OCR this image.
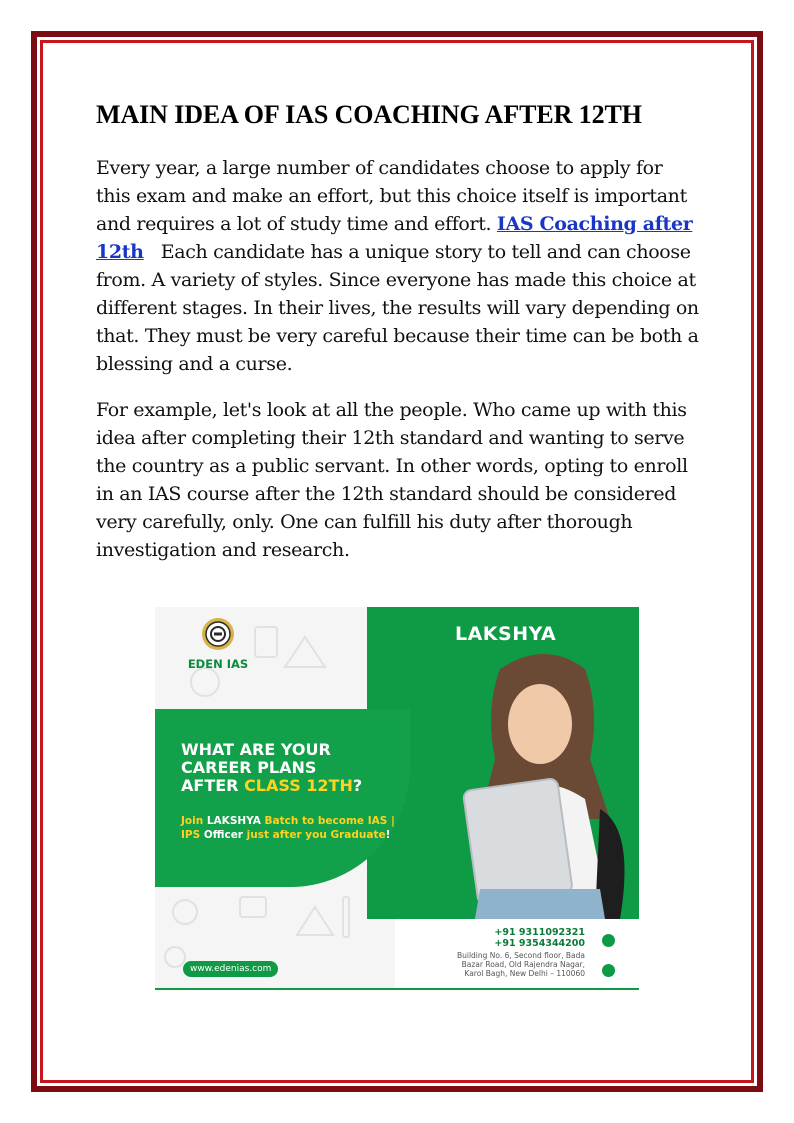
MAIN IDEA OF IAS COACHING AFTER 12TH

Every year, a large number of candidates choose to apply for this exam and make an effort, but this choice itself is important and requires a lot of study time and effort. IAS Coaching after 12th Each candidate has a unique story to tell and can choose from. A variety of styles. Since everyone has made this choice at different stages. In their lives, the results will vary depending on that. They must be very careful because their time can be both a blessing and a curse.

For example, let's look at all the people. Who came up with this idea after completing their 12th standard and wanting to serve the country as a public servant. In other words, opting to enroll in an IAS course after the 12th standard should be considered very carefully, only. One can fulfill his duty after thorough investigation and research.

EDEN IAS
LAKSHYA
WHAT ARE YOUR
CAREER PLANS
AFTER CLASS 12TH?
Join LAKSHYA Batch to become IAS | IPS Officer just after you Graduate!
+91 9311092321
+91 9354344200
Building No. 6, Second floor, Bada
Bazar Road, Old Rajendra Nagar,
Karol Bagh, New Delhi – 110060
www.edenias.com
